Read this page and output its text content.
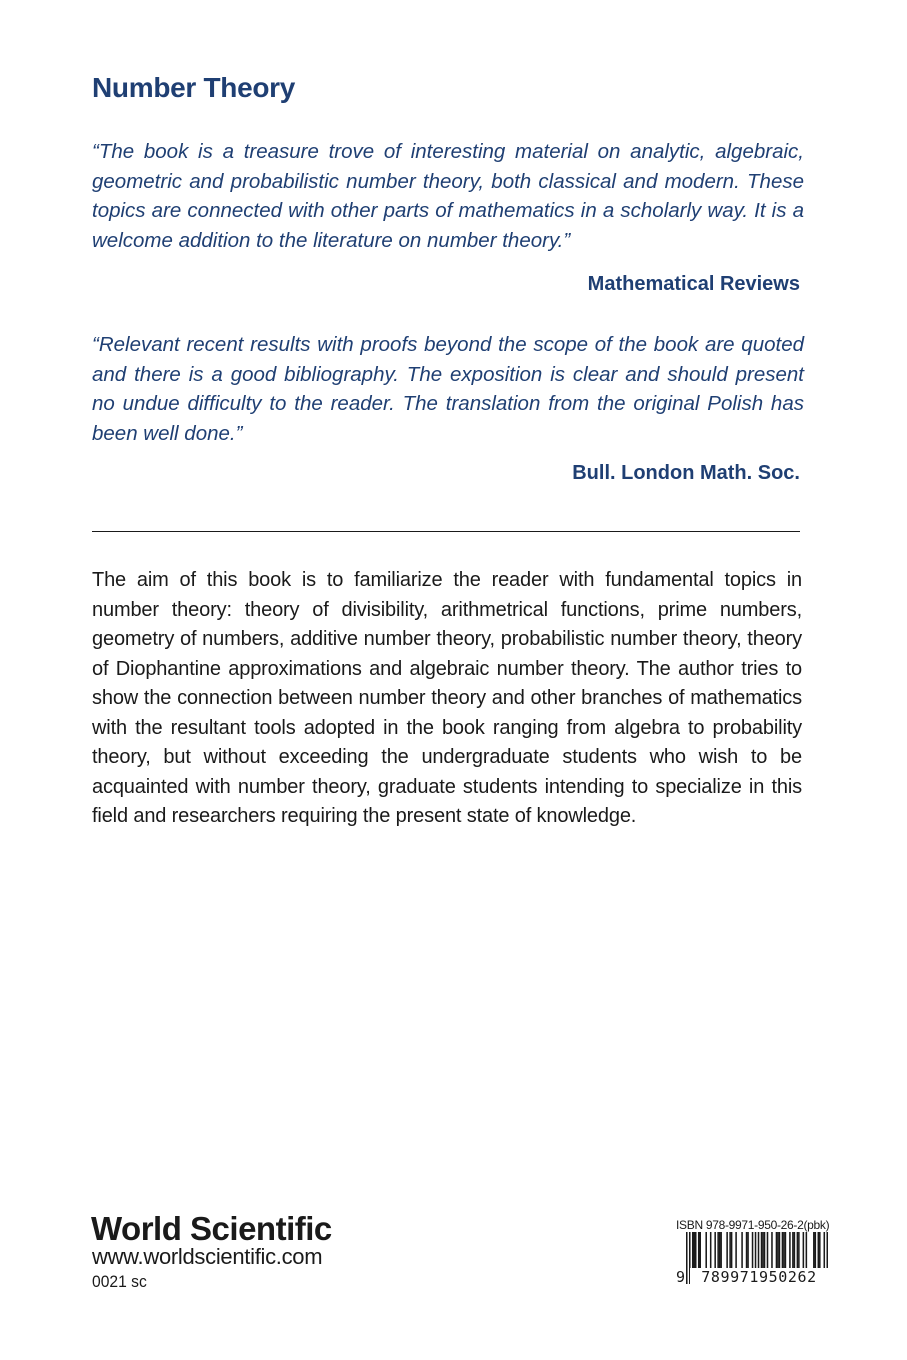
Number Theory

“The book is a treasure trove of interesting material on analytic, algebraic, geometric and probabilistic number theory, both classical and modern. These topics are connected with other parts of mathematics in a scholarly way. It is a welcome addition to the literature on number theory.”

Mathematical Reviews

“Relevant recent results with proofs beyond the scope of the book are quoted and there is a good bibliography. The exposition is clear and should present no undue difficulty to the reader. The translation from the original Polish has been well done.”

Bull. London Math. Soc.

The aim of this book is to familiarize the reader with fundamental topics in number theory: theory of divisibility, arithmetrical functions, prime numbers, geometry of numbers, additive number theory, probabilistic number theory, theory of Diophantine approximations and algebraic number theory. The author tries to show the connection between number theory and other branches of mathematics with the resultant tools adopted in the book ranging from algebra to probability theory, but without exceeding the undergraduate students who wish to be acquainted with number theory, graduate students intending to specialize in this field and researchers requiring the present state of knowledge.

World Scientific

www.worldscientific.com

0021 sc

ISBN 978-9971-950-26-2(pbk)

9	789971950262
